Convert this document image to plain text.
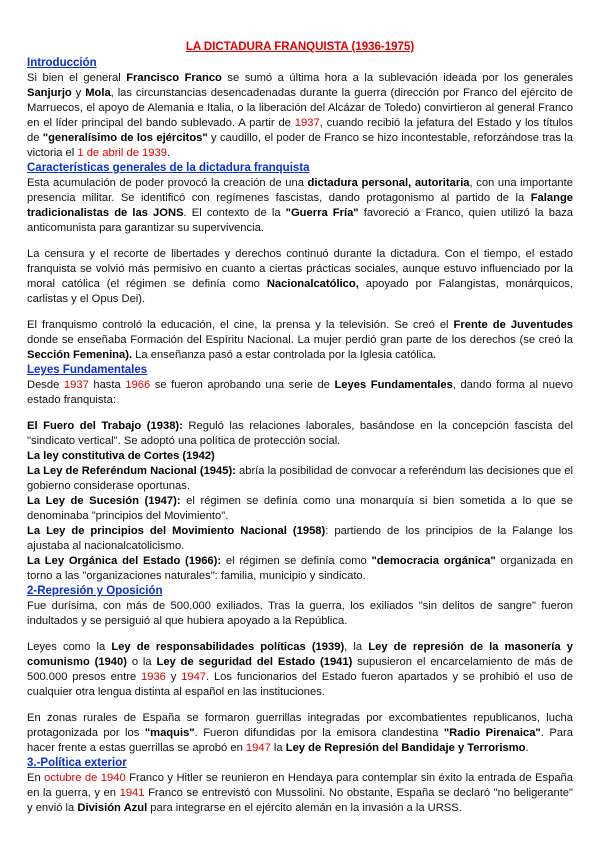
LA DICTADURA FRANQUISTA (1936-1975)
Introducción

Si bien el general Francisco Franco se sumó a última hora a la sublevación ideada por los generales Sanjurjo y Mola, las circunstancias desencadenadas durante la guerra (dirección por Franco del ejército de Marruecos, el apoyo de Alemania e Italia, o la liberación del Alcázar de Toledo) convirtieron al general Franco en el líder principal del bando sublevado. A partir de 1937, cuando recibió la jefatura del Estado y los títulos de "generalísimo de los ejércitos" y caudillo, el poder de Franco se hizo incontestable, reforzándose tras la victoria el 1 de abril de 1939.

Características generales de la dictadura franquista

Esta acumulación de poder provocó la creación de una dictadura personal, autoritaria, con una importante presencia militar. Se identificó con regímenes fascistas, dando protagonismo al partido de la Falange tradicionalistas de las JONS. El contexto de la "Guerra Fría" favoreció a Franco, quien utilizó la baza anticomunista para garantizar su supervivencia.

La censura y el recorte de libertades y derechos continuó durante la dictadura. Con el tiempo, el estado franquista se volvió más permisivo en cuanto a ciertas prácticas sociales, aunque estuvo influenciado por la moral católica (el régimen se definía como Nacionalcatólico, apoyado por Falangistas, monárquicos, carlistas y el Opus Dei).

El franquismo controló la educación, el cine, la prensa y la televisión. Se creó el Frente de Juventudes donde se enseñaba Formación del Espíritu Nacional. La mujer perdió gran parte de los derechos (se creó la Sección Femenina). La enseñanza pasó a estar controlada por la Iglesia católica.

Leyes Fundamentales

Desde 1937 hasta 1966 se fueron aprobando una serie de Leyes Fundamentales, dando forma al nuevo estado franquista:

El Fuero del Trabajo (1938): Reguló las relaciones laborales, basándose en la concepción fascista del "sindicato vertical". Se adoptó una política de protección social.

La ley constitutiva de Cortes (1942)

La Ley de Referéndum Nacional (1945): abría la posibilidad de convocar a referéndum las decisiones que el gobierno considerase oportunas.

La Ley de Sucesión (1947): el régimen se definía como una monarquía si bien sometida a lo que se denominaba "principios del Movimiento".

La Ley de principios del Movimiento Nacional (1958): partiendo de los principios de la Falange los ajustaba al nacionalcatolicismo.

La Ley Orgánica del Estado (1966): el régimen se definía como "democracia orgánica" organizada en torno a las "organizaciones naturales": familia, municipio y sindicato.

2-Represión y Oposición

Fue durísima, con más de 500.000 exiliados. Tras la guerra, los exiliados "sin delitos de sangre" fueron indultados y se persiguió al que hubiera apoyado a la República.

Leyes como la Ley de responsabilidades políticas (1939), la Ley de represión de la masonería y comunismo (1940) o la Ley de seguridad del Estado (1941) supusieron el encarcelamiento de más de 500.000 presos entre 1936 y 1947. Los funcionarios del Estado fueron apartados y se prohibió el uso de cualquier otra lengua distinta al español en las instituciones.

En zonas rurales de España se formaron guerrillas integradas por excombatientes republicanos, lucha protagonizada por los "maquis". Fueron difundidas por la emisora clandestina "Radio Pirenaica". Para hacer frente a estas guerrillas se aprobó en 1947 la Ley de Represión del Bandidaje y Terrorismo.

3.-Política exterior

En octubre de 1940 Franco y Hitler se reunieron en Hendaya para contemplar sin éxito la entrada de España en la guerra, y en 1941 Franco se entrevistó con Mussolini. No obstante, España se declaró "no beligerante" y envió la División Azul para integrarse en el ejército alemán en la invasión a la URSS.
